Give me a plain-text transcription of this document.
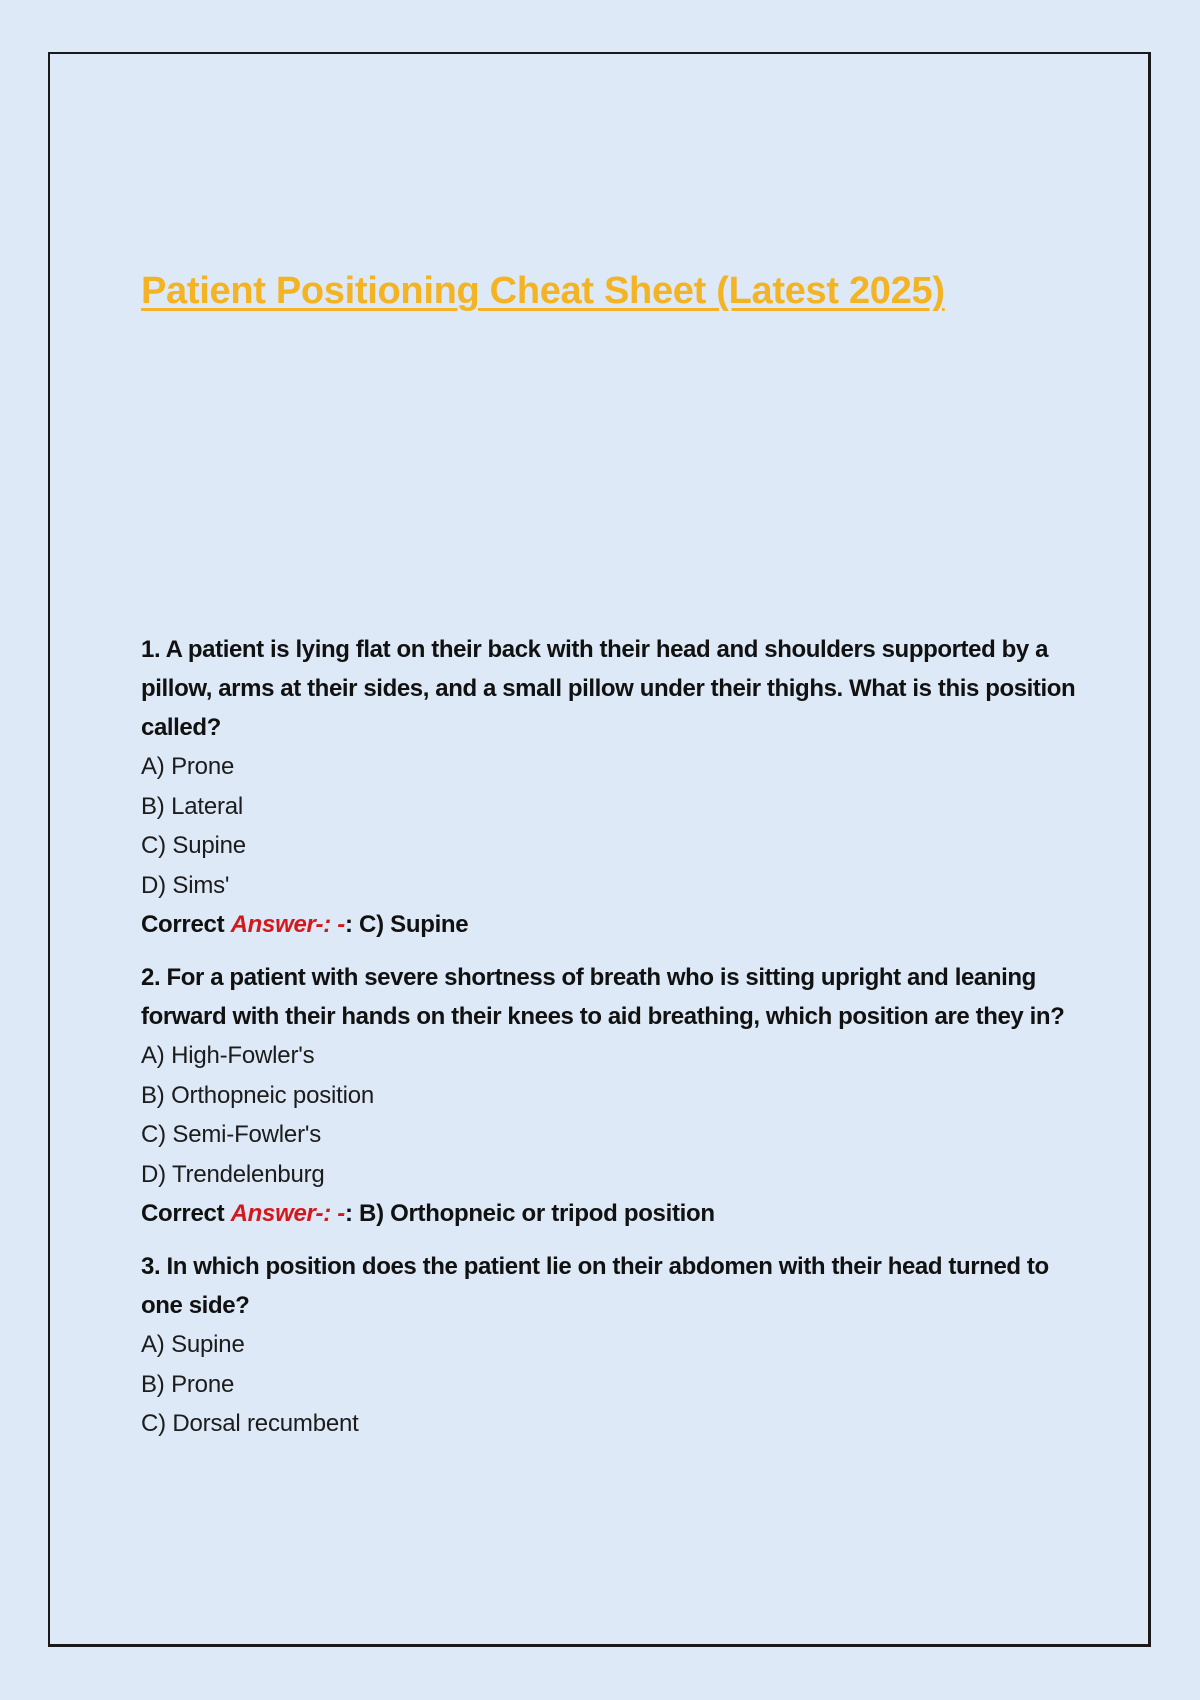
Patient Positioning Cheat Sheet (Latest 2025)
1. A patient is lying flat on their back with their head and shoulders supported by a pillow, arms at their sides, and a small pillow under their thighs. What is this position called?
A) Prone
B) Lateral
C) Supine
D) Sims'
Correct Answer-: -: C) Supine
2. For a patient with severe shortness of breath who is sitting upright and leaning forward with their hands on their knees to aid breathing, which position are they in?
A) High-Fowler's
B) Orthopneic position
C) Semi-Fowler's
D) Trendelenburg
Correct Answer-: -: B) Orthopneic or tripod position
3. In which position does the patient lie on their abdomen with their head turned to one side?
A) Supine
B) Prone
C) Dorsal recumbent
